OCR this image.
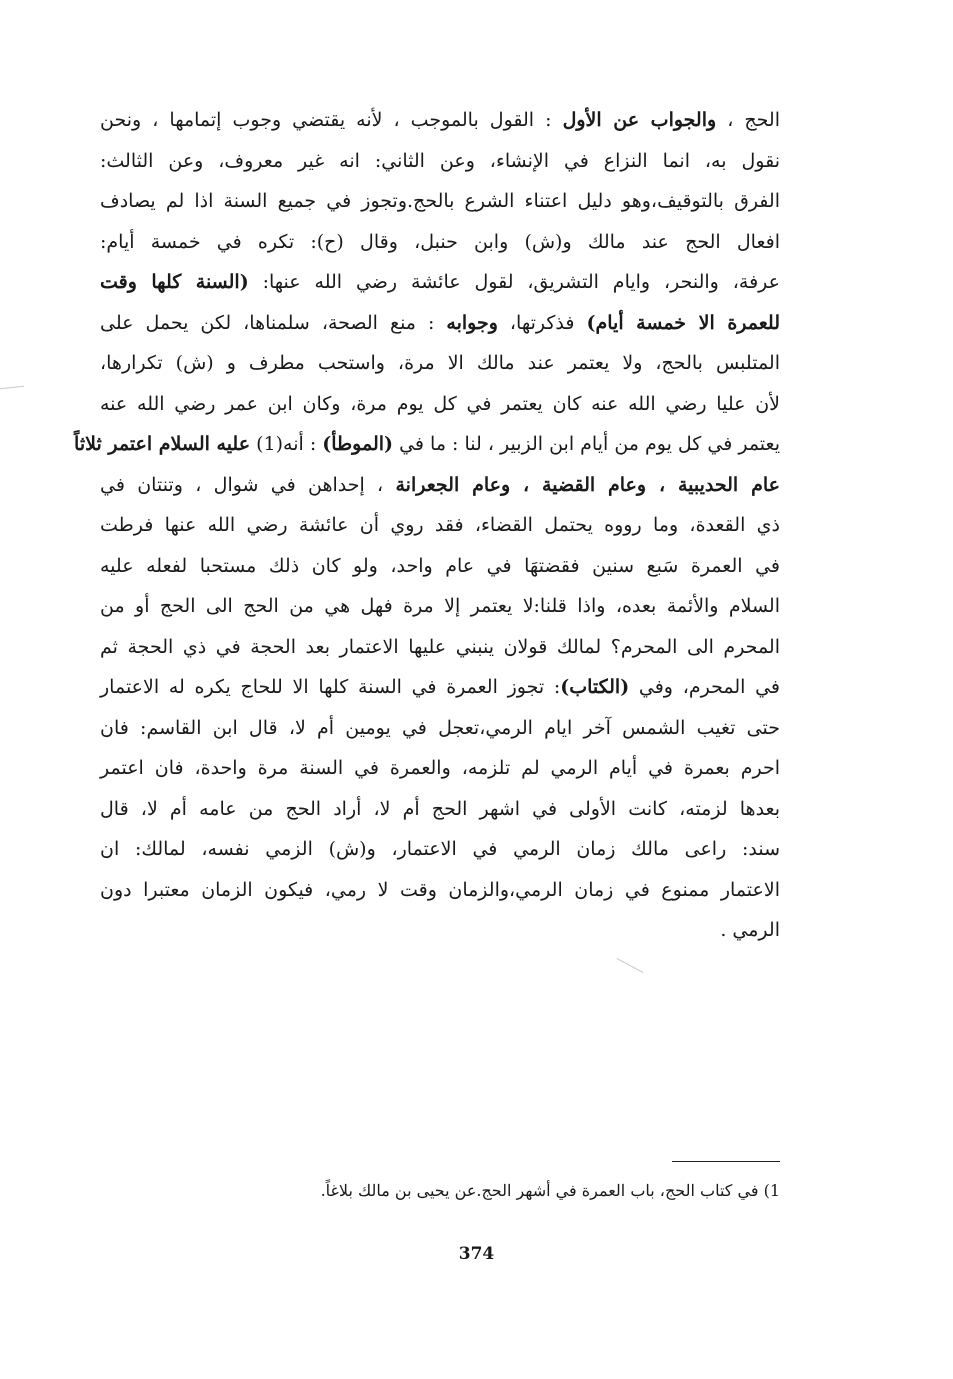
الحج ، والجواب عن الأول : القول بالموجب ، لأنه يقتضي وجوب إتمامها ، ونحن
نقول به، انما النزاع في الإنشاء، وعن الثاني: انه غير معروف، وعن الثالث:
الفرق بالتوقيف،وهو دليل اعتناء الشرع بالحج.وتجوز في جميع السنة اذا لم يصادف
افعال الحج عند مالك و(ش) وابن حنبل، وقال (ح): تكره في خمسة أيام:
عرفة، والنحر، وايام التشريق، لقول عائشة رضي الله عنها: (السنة كلها وقت
للعمرة الا خمسة أيام) فذكرتها، وجوابه : منع الصحة، سلمناها، لكن يحمل على
المتلبس بالحج، ولا يعتمر عند مالك الا مرة، واستحب مطرف و (ش) تكرارها،
لأن عليا رضي الله عنه كان يعتمر في كل يوم مرة، وكان ابن عمر رضي الله عنه
يعتمر في كل يوم من أيام ابن الزبير ، لنا : ما في (الموطأ) : أنه(1) عليه السلام اعتمر ثلاثاً
عام الحديبية ، وعام القضية ، وعام الجعرانة ، إحداهن في شوال ، وتنتان في
ذي القعدة، وما رووه يحتمل القضاء، فقد روي أن عائشة رضي الله عنها فرطت
في العمرة سَبع سنين فقضتهَا في عام واحد، ولو كان ذلك مستحبا لفعله عليه
السلام والأئمة بعده، واذا قلنا:لا يعتمر إلا مرة فهل هي من الحج الى الحج أو من
المحرم الى المحرم؟ لمالك قولان ينبني عليها الاعتمار بعد الحجة في ذي الحجة ثم
في المحرم، وفي (الكتاب): تجوز العمرة في السنة كلها الا للحاج يكره له الاعتمار
حتى تغيب الشمس آخر ايام الرمي،تعجل في يومين أم لا، قال ابن القاسم: فان
احرم بعمرة في أيام الرمي لم تلزمه، والعمرة في السنة مرة واحدة، فان اعتمر
بعدها لزمته، كانت الأولى في اشهر الحج أم لا، أراد الحج من عامه أم لا، قال
سند: راعى مالك زمان الرمي في الاعتمار، و(ش) الزمي نفسه، لمالك: ان
الاعتمار ممنوع في زمان الرمي،والزمان وقت لا رمي، فيكون الزمان معتبرا دون
الرمي .
1) في كتاب الحج، باب العمرة في أشهر الحج.عن يحيى بن مالك بلاغاً.
374
